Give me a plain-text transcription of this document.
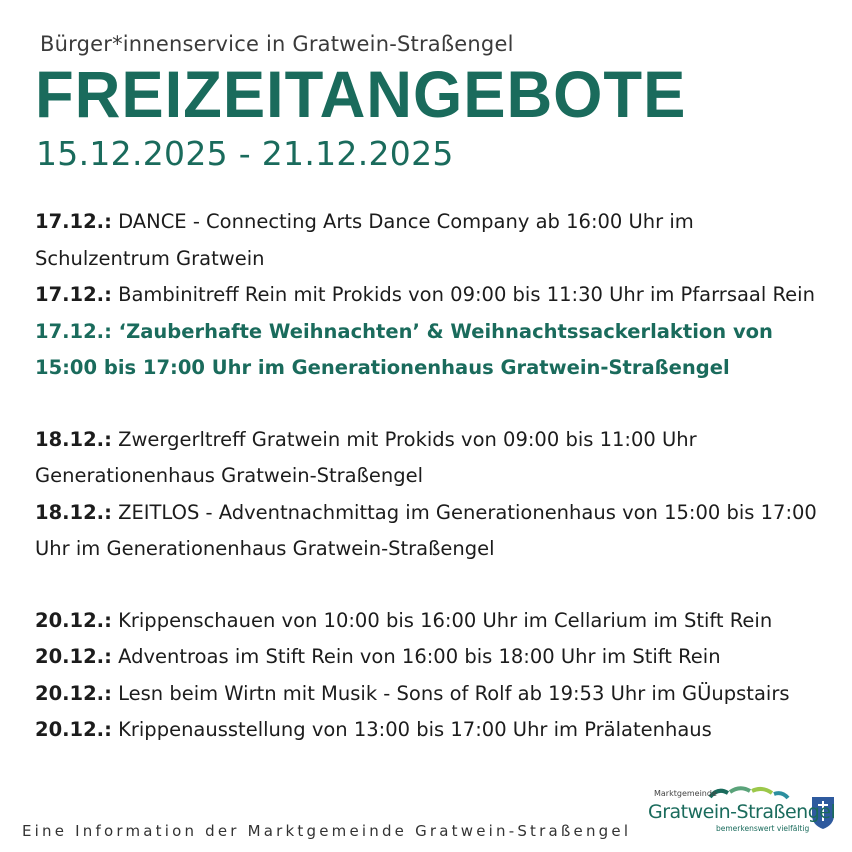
Bürger*innenservice in Gratwein-Straßengel
FREIZEITANGEBOTE
15.12.2025 - 21.12.2025
17.12.: DANCE - Connecting Arts Dance Company ab 16:00 Uhr im Schulzentrum Gratwein
17.12.: Bambinitreff Rein mit Prokids von 09:00 bis 11:30 Uhr im Pfarrsaal Rein
17.12.: ‘Zauberhafte Weihnachten’ & Weihnachtssackerlaktion von 15:00 bis 17:00 Uhr im Generationenhaus Gratwein-Straßengel
18.12.: Zwergerltreff Gratwein mit Prokids von 09:00 bis 11:00 Uhr Generationenhaus Gratwein-Straßengel
18.12.: ZEITLOS - Adventnachmittag im Generationenhaus von 15:00 bis 17:00 Uhr im Generationenhaus Gratwein-Straßengel
20.12.: Krippenschauen von 10:00 bis 16:00 Uhr im Cellarium im Stift Rein
20.12.: Adventroas im Stift Rein von 16:00 bis 18:00 Uhr im Stift Rein
20.12.: Lesn beim Wirtn mit Musik - Sons of Rolf ab 19:53 Uhr im GÜupstairs
20.12.: Krippenausstellung von 13:00 bis 17:00 Uhr im Prälatenhaus
Eine Information der Marktgemeinde Gratwein-Straßengel
Marktgemeinde
Gratwein-Straßengel
bemerkenswert vielfältig
